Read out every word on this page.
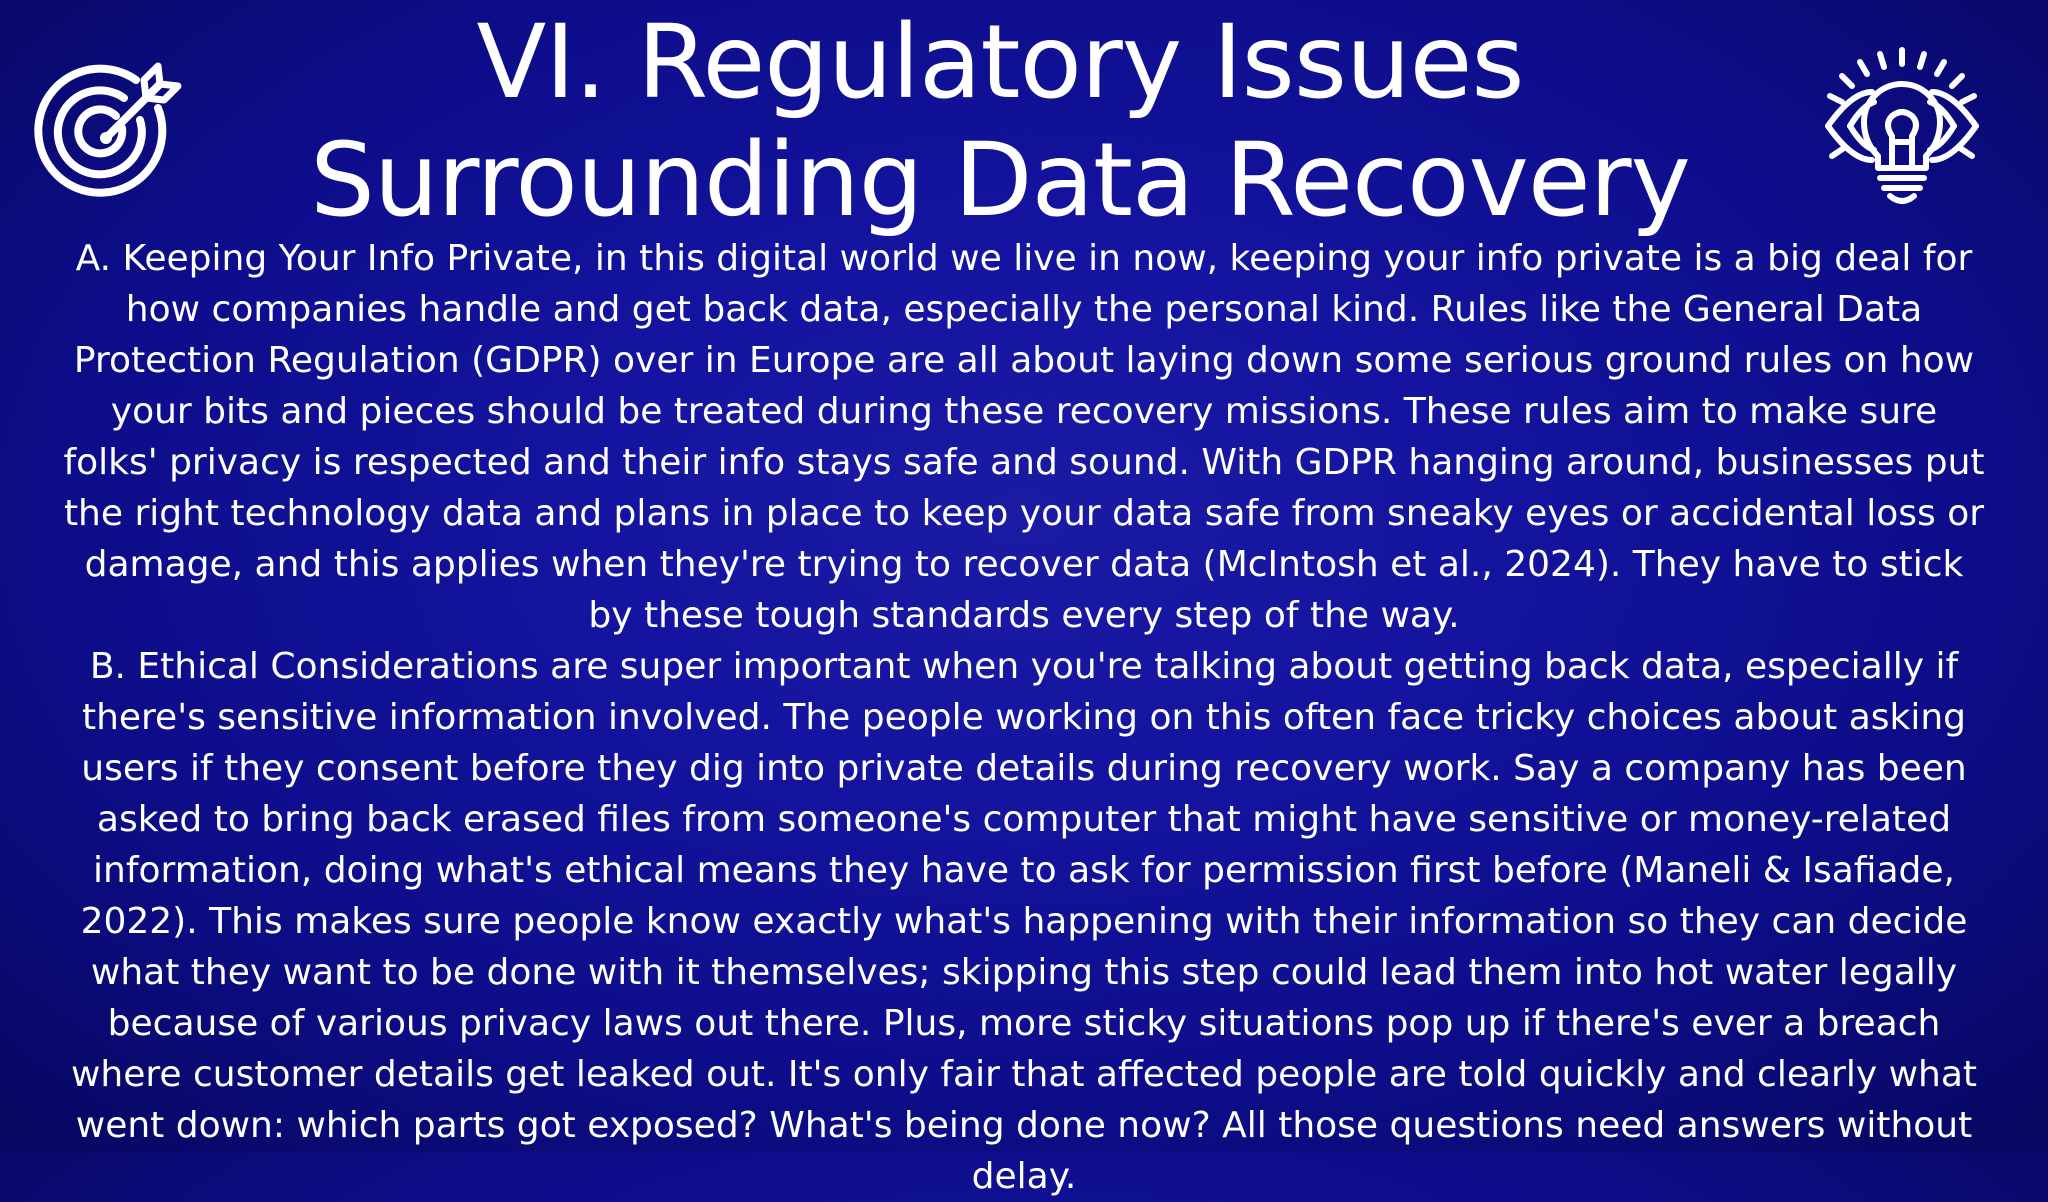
VI. Regulatory Issues
Surrounding Data Recovery

A. Keeping Your Info Private, in this digital world we live in now, keeping your info private is a big deal for how companies handle and get back data, especially the personal kind. Rules like the General Data Protection Regulation (GDPR) over in Europe are all about laying down some serious ground rules on how your bits and pieces should be treated during these recovery missions. These rules aim to make sure folks' privacy is respected and their info stays safe and sound. With GDPR hanging around, businesses put the right technology data and plans in place to keep your data safe from sneaky eyes or accidental loss or damage, and this applies when they're trying to recover data (McIntosh et al., 2024). They have to stick by these tough standards every step of the way.

B. Ethical Considerations are super important when you're talking about getting back data, especially if there's sensitive information involved. The people working on this often face tricky choices about asking users if they consent before they dig into private details during recovery work. Say a company has been asked to bring back erased files from someone's computer that might have sensitive or money-related information, doing what's ethical means they have to ask for permission first before (Maneli & Isafiade, 2022). This makes sure people know exactly what's happening with their information so they can decide what they want to be done with it themselves; skipping this step could lead them into hot water legally because of various privacy laws out there. Plus, more sticky situations pop up if there's ever a breach where customer details get leaked out. It's only fair that affected people are told quickly and clearly what went down: which parts got exposed? What's being done now? All those questions need answers without delay.
